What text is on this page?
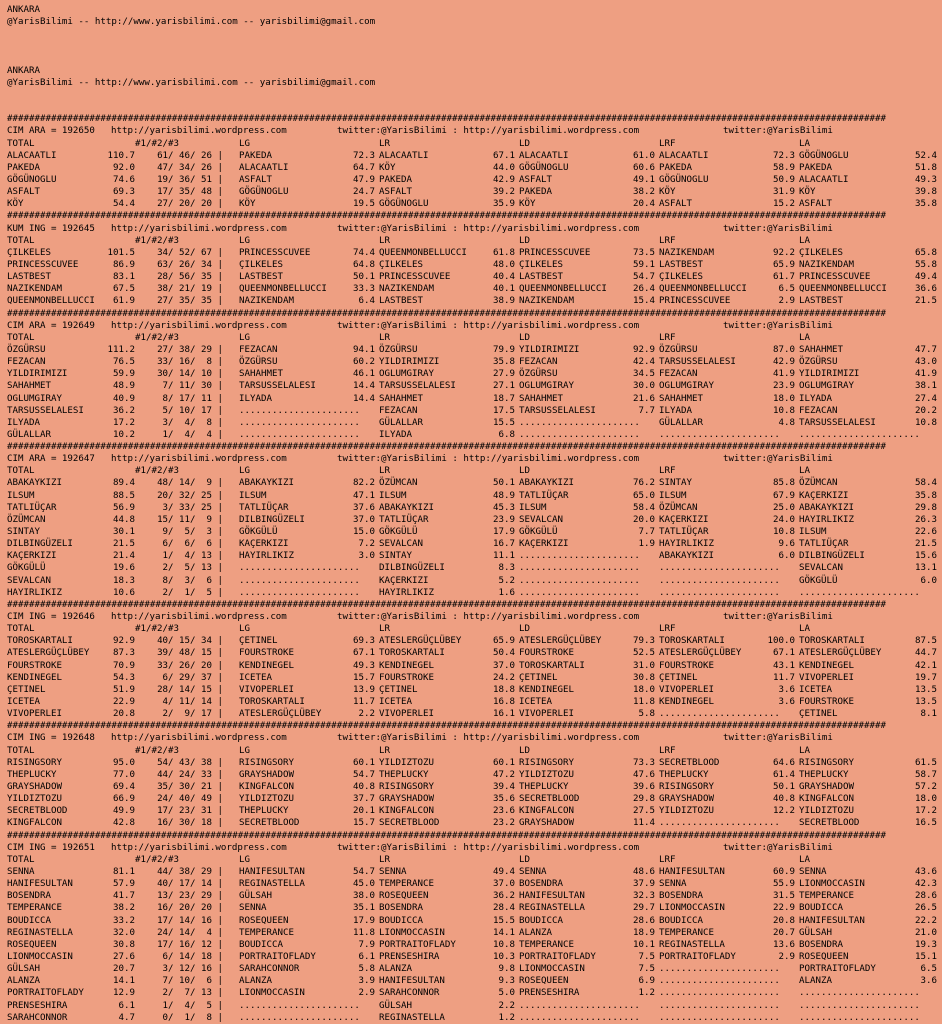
ANKARA
@YarisBilimi -- http://www.yarisbilimi.com -- yarisbilimi@gmail.com
ANKARA
@YarisBilimi -- http://www.yarisbilimi.com -- yarisbilimi@gmail.com
################################################################################################################################################################
CIM ARA = 192650	http://yarisbilimi.wordpress.com	twitter:@YarisBilimi : http://yarisbilimi.wordpress.com	twitter:@YarisBilimi
TOTAL	#1/#2/#3	LG	LR	LD	LRF	LA
ALACAATLI	110.7	61/ 46/ 26 | PAKEDA	72.3 ALACAATLI	67.1 ALACAATLI	61.0 ALACAATLI	72.3 GÖGÜNOGLU	52.4
PAKEDA	92.0	47/ 34/ 26 | ALACAATLI	64.7 KÖY	44.0 GÖGÜNOGLU	60.6 PAKEDA	58.9 PAKEDA	51.8
GÖGÜNOGLU	74.6	19/ 36/ 51 | ASFALT	47.9 PAKEDA	42.9 ASFALT	49.1 GÖGÜNOGLU	50.9 ALACAATLI	49.3
ASFALT	69.3	17/ 35/ 48 | GÖGÜNOGLU	24.7 ASFALT	39.2 PAKEDA	38.2 KÖY	31.9 KÖY	39.8
KÖY	54.4	27/ 20/ 20 | KÖY	19.5 GÖGÜNOGLU	35.9 KÖY	20.4 ASFALT	15.2 ASFALT	35.8
################################################################################################################################################################
KUM ING = 192645	http://yarisbilimi.wordpress.com	twitter:@YarisBilimi : http://yarisbilimi.wordpress.com	twitter:@YarisBilimi
TOTAL	#1/#2/#3	LG	LR	LD	LRF	LA
ÇILKELES	101.5	34/ 52/ 67 | PRINCESSCUVEE	74.4 QUEENMONBELLUCCI	61.8 PRINCESSCUVEE	73.5 NAZIKENDAM	92.2 ÇILKELES	65.8
PRINCESSCUVEE	86.9	63/ 26/ 34 | ÇILKELES	64.8 ÇILKELES	48.0 ÇILKELES	59.1 LASTBEST	65.9 NAZIKENDAM	55.8
LASTBEST	83.1	28/ 56/ 35 | LASTBEST	50.1 PRINCESSCUVEE	40.4 LASTBEST	54.7 ÇILKELES	61.7 PRINCESSCUVEE	49.4
NAZIKENDAM	67.5	38/ 21/ 19 | QUEENMONBELLUCCI	33.3 NAZIKENDAM	40.1 QUEENMONBELLUCCI	26.4 QUEENMONBELLUCCI	6.5 QUEENMONBELLUCCI	36.6
QUEENMONBELLUCCI	61.9	27/ 35/ 35 | NAZIKENDAM	6.4 LASTBEST	38.9 NAZIKENDAM	15.4 PRINCESSCUVEE	2.9 LASTBEST	21.5
################################################################################################################################################################
CIM ARA = 192649	http://yarisbilimi.wordpress.com	twitter:@YarisBilimi : http://yarisbilimi.wordpress.com	twitter:@YarisBilimi
TOTAL	#1/#2/#3	LG	LR	LD	LRF	LA
ÖZGÜRSU	111.2	27/ 38/ 29 | FEZACAN	94.1 ÖZGÜRSU	79.9 YILDIRIMIZI	92.9 ÖZGÜRSU	87.0 SAHAHMET	47.7
FEZACAN	76.5	33/ 16/  8 | ÖZGÜRSU	60.2 YILDIRIMIZI	35.8 FEZACAN	42.4 TARSUSSELALESI	42.9 ÖZGÜRSU	43.0
YILDIRIMIZI	59.9	30/ 14/ 10 | SAHAHMET	46.1 OGLUMGIRAY	27.9 ÖZGÜRSU	34.5 FEZACAN	41.9 YILDIRIMIZI	41.9
SAHAHMET	48.9	7/ 11/ 30 | TARSUSSELALESI	14.4 TARSUSSELALESI	27.1 OGLUMGIRAY	30.0 OGLUMGIRAY	23.9 OGLUMGIRAY	38.1
OGLUMGIRAY	40.9	8/ 17/ 11 | ILYADA	14.4 SAHAHMET	18.7 SAHAHMET	21.6 SAHAHMET	18.0 ILYADA	27.4
TARSUSSELALESI	36.2	5/ 10/ 17 | ...................... FEZACAN	17.5 TARSUSSELALESI	7.7 ILYADA	10.8 FEZACAN	20.2
ILYADA	17.2	3/  4/  8 | ...................... GÜLALLAR	15.5 ...................... GÜLALLAR	4.8 TARSUSSELALESI	10.8
GÜLALLAR	10.2	1/  4/  4 | ...................... ILYADA	6.8 ...................... ...................... ......................
################################################################################################################################################################
CIM ARA = 192647	http://yarisbilimi.wordpress.com	twitter:@YarisBilimi : http://yarisbilimi.wordpress.com	twitter:@YarisBilimi
TOTAL	#1/#2/#3	LG	LR	LD	LRF	LA
ABAKAYKIZI	89.4	48/ 14/  9 | ABAKAYKIZI	82.2 ÖZÜMCAN	50.1 ABAKAYKIZI	76.2 SINTAY	85.8 ÖZÜMCAN	58.4
ILSUM	88.5	20/ 32/ 25 | ILSUM	47.1 ILSUM	48.9 TATLIÜÇAR	65.0 ILSUM	67.9 KAÇERKIZI	35.8
TATLIÜÇAR	56.9	3/ 33/ 25 | TATLIÜÇAR	37.6 ABAKAYKIZI	45.3 ILSUM	58.4 ÖZÜMCAN	25.0 ABAKAYKIZI	29.8
ÖZÜMCAN	44.8	15/ 11/  9 | DILBINGÜZELI	37.0 TATLIÜÇAR	23.9 SEVALCAN	20.0 KAÇERKIZI	24.0 HAYIRLIKIZ	26.3
SINTAY	30.1	9/  5/  3 | GÖKGÜLÜ	15.0 GÖKGÜLÜ	17.9 GÖKGÜLÜ	7.7 TATLIÜÇAR	10.8 ILSUM	22.6
DILBINGÜZELI	21.5	6/  6/  6 | KAÇERKIZI	7.2 SEVALCAN	16.7 KAÇERKIZI	1.9 HAYIRLIKIZ	9.6 TATLIÜÇAR	21.5
KAÇERKIZI	21.4	1/  4/ 13 | HAYIRLIKIZ	3.0 SINTAY	11.1 ...................... ABAKAYKIZI	6.0 DILBINGÜZELI	15.6
GÖKGÜLÜ	19.6	2/  5/ 13 | ...................... DILBINGÜZELI	8.3 ...................... ...................... SEVALCAN	13.1
SEVALCAN	18.3	8/  3/  6 | ...................... KAÇERKIZI	5.2 ...................... ...................... GÖKGÜLÜ	6.0
HAYIRLIKIZ	10.6	2/  1/  5 | ...................... HAYIRLIKIZ	1.6 ...................... ...................... ......................
################################################################################################################################################################
CIM ING = 192646	http://yarisbilimi.wordpress.com	twitter:@YarisBilimi : http://yarisbilimi.wordpress.com	twitter:@YarisBilimi
TOTAL	#1/#2/#3	LG	LR	LD	LRF	LA
TOROSKARTALI	92.9	40/ 15/ 34 | ÇETINEL	69.3 ATESLERGÜÇLÜBEY	65.9 ATESLERGÜÇLÜBEY	79.3 TOROSKARTALI	100.0 TOROSKARTALI	87.5
ATESLERGÜÇLÜBEY	87.3	39/ 48/ 15 | FOURSTROKE	67.1 TOROSKARTALI	50.4 FOURSTROKE	52.5 ATESLERGÜÇLÜBEY	67.1 ATESLERGÜÇLÜBEY	44.7
FOURSTROKE	70.9	33/ 26/ 20 | KENDINEGEL	49.3 KENDINEGEL	37.0 TOROSKARTALI	31.0 FOURSTROKE	43.1 KENDINEGEL	42.1
KENDINEGEL	54.3	6/ 29/ 37 | ICETEA	15.7 FOURSTROKE	24.2 ÇETINEL	30.8 ÇETINEL	11.7 VIVOPERLEI	19.7
ÇETINEL	51.9	28/ 14/ 15 | VIVOPERLEI	13.9 ÇETINEL	18.8 KENDINEGEL	18.0 VIVOPERLEI	3.6 ICETEA	13.5
ICETEA	22.9	4/ 11/ 14 | TOROSKARTALI	11.7 ICETEA	16.8 ICETEA	11.8 KENDINEGEL	3.6 FOURSTROKE	13.5
VIVOPERLEI	20.8	2/  9/ 17 | ATESLERGÜÇLÜBEY	2.2 VIVOPERLEI	16.1 VIVOPERLEI	5.8 ...................... ÇETINEL	8.1
################################################################################################################################################################
CIM ING = 192648	http://yarisbilimi.wordpress.com	twitter:@YarisBilimi : http://yarisbilimi.wordpress.com	twitter:@YarisBilimi
TOTAL	#1/#2/#3	LG	LR	LD	LRF	LA
RISINGSORY	95.0	54/ 43/ 38 | RISINGSORY	60.1 YILDIZTOZU	60.1 RISINGSORY	73.3 SECRETBLOOD	64.6 RISINGSORY	61.5
THEPLUCKY	77.0	44/ 24/ 33 | GRAYSHADOW	54.7 THEPLUCKY	47.2 YILDIZTOZU	47.6 THEPLUCKY	61.4 THEPLUCKY	58.7
GRAYSHADOW	69.4	35/ 30/ 21 | KINGFALCON	40.8 RISINGSORY	39.4 THEPLUCKY	39.6 RISINGSORY	50.1 GRAYSHADOW	57.2
YILDIZTOZU	66.9	24/ 40/ 49 | YILDIZTOZU	37.7 GRAYSHADOW	35.6 SECRETBLOOD	29.8 GRAYSHADOW	40.8 KINGFALCON	18.0
SECRETBLOOD	49.9	17/ 23/ 31 | THEPLUCKY	20.1 KINGFALCON	23.6 KINGFALCON	27.5 YILDIZTOZU	12.2 YILDIZTOZU	17.2
KINGFALCON	42.8	16/ 30/ 18 | SECRETBLOOD	15.7 SECRETBLOOD	23.2 GRAYSHADOW	11.4 ...................... SECRETBLOOD	16.5
################################################################################################################################################################
CIM ING = 192651	http://yarisbilimi.wordpress.com	twitter:@YarisBilimi : http://yarisbilimi.wordpress.com	twitter:@YarisBilimi
TOTAL	#1/#2/#3	LG	LR	LD	LRF	LA
SENNA	81.1	44/ 38/ 29 | HANIFESULTAN	54.7 SENNA	49.4 SENNA	48.6 HANIFESULTAN	60.9 SENNA	43.6
HANIFESULTAN	57.9	40/ 17/ 14 | REGINASTELLA	45.0 TEMPERANCE	37.0 BOSENDRA	37.9 SENNA	55.9 LIONMOCCASIN	42.3
BOSENDRA	41.7	13/ 23/ 29 | GÜLSAH	38.0 ROSEQUEEN	36.2 HANIFESULTAN	32.3 BOSENDRA	31.5 TEMPERANCE	28.6
TEMPERANCE	38.2	16/ 20/ 20 | SENNA	35.1 BOSENDRA	28.4 REGINASTELLA	29.7 LIONMOCCASIN	22.9 BOUDICCA	26.5
BOUDICCA	33.2	17/ 14/ 16 | ROSEQUEEN	17.9 BOUDICCA	15.5 BOUDICCA	28.6 BOUDICCA	20.8 HANIFESULTAN	22.2
REGINASTELLA	32.0	24/ 14/  4 | TEMPERANCE	11.8 LIONMOCCASIN	14.1 ALANZA	18.9 TEMPERANCE	20.7 GÜLSAH	21.0
ROSEQUEEN	30.8	17/ 16/ 12 | BOUDICCA	7.9 PORTRAITOFLADY	10.8 TEMPERANCE	10.1 REGINASTELLA	13.6 BOSENDRA	19.3
LIONMOCCASIN	27.6	6/ 14/ 18 | PORTRAITOFLADY	6.1 PRENSESHIRA	10.3 PORTRAITOFLADY	7.5 PORTRAITOFLADY	2.9 ROSEQUEEN	15.1
GÜLSAH	20.7	3/ 12/ 16 | SARAHCONNOR	5.8 ALANZA	9.8 LIONMOCCASIN	7.5 ...................... PORTRAITOFLADY	6.5
ALANZA	14.1	7/ 10/  6 | ALANZA	3.9 HANIFESULTAN	9.3 ROSEQUEEN	6.9 ...................... ALANZA	3.6
PORTRAITOFLADY	12.9	2/  7/ 13 | LIONMOCCASIN	2.9 SARAHCONNOR	5.0 PRENSESHIRA	1.2 ...................... ......................
PRENSESHIRA	6.1	1/  4/  5 | ...................... GÜLSAH	2.2 ...................... ...................... ......................
SARAHCONNOR	4.7	0/  1/  8 | ...................... REGINASTELLA	1.2 ...................... ...................... ......................
